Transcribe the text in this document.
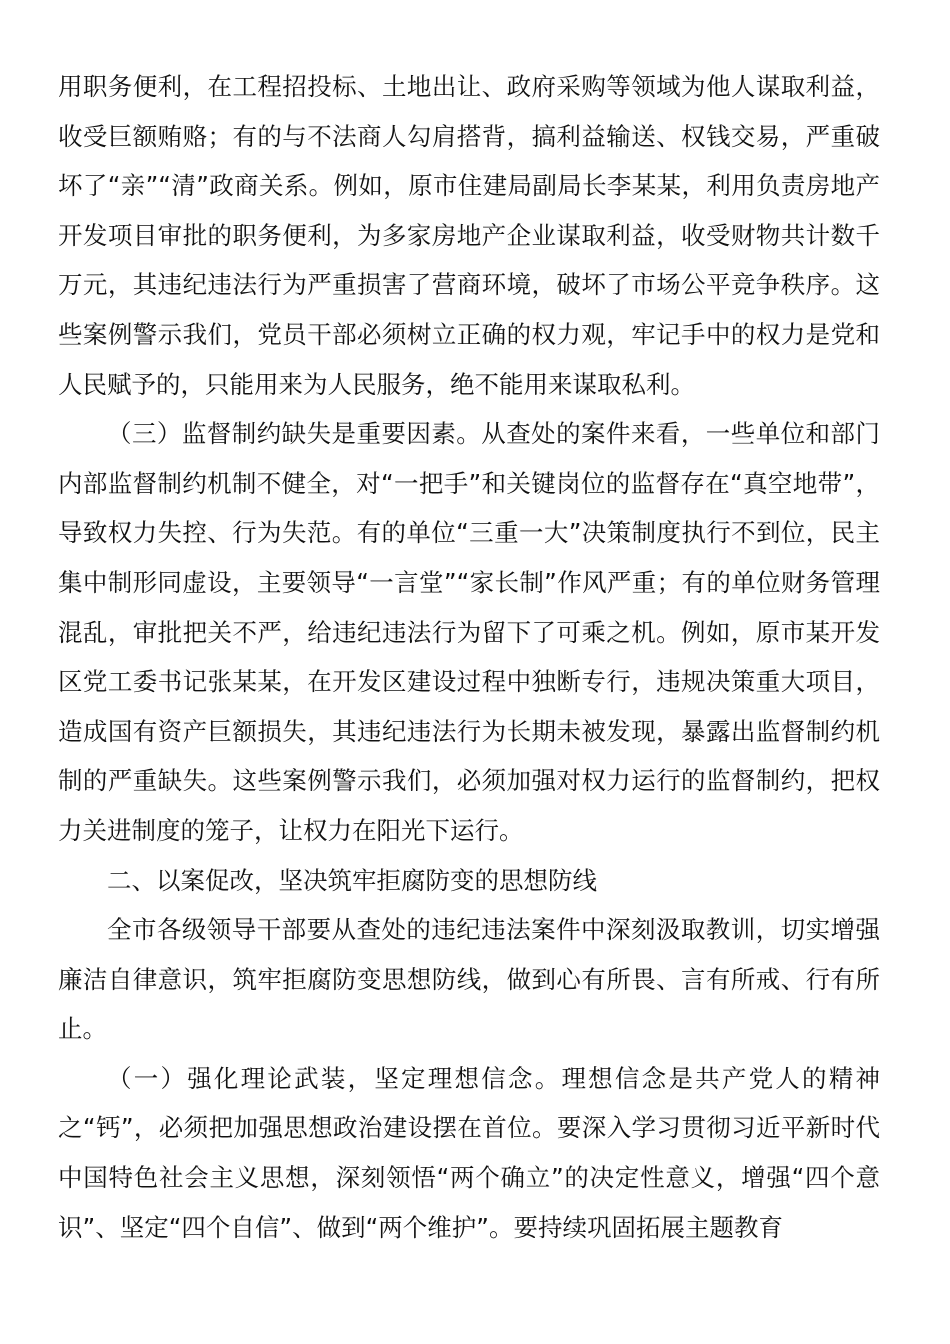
用职务便利，在工程招投标、土地出让、政府采购等领域为他人谋取利益，收受巨额贿赂；有的与不法商人勾肩搭背，搞利益输送、权钱交易，严重破坏了“亲”“清”政商关系。例如，原市住建局副局长李某某，利用负责房地产开发项目审批的职务便利，为多家房地产企业谋取利益，收受财物共计数千万元，其违纪违法行为严重损害了营商环境，破坏了市场公平竞争秩序。这些案例警示我们，党员干部必须树立正确的权力观，牢记手中的权力是党和人民赋予的，只能用来为人民服务，绝不能用来谋取私利。

（三）监督制约缺失是重要因素。从查处的案件来看，一些单位和部门内部监督制约机制不健全，对“一把手”和关键岗位的监督存在“真空地带”，导致权力失控、行为失范。有的单位“三重一大”决策制度执行不到位，民主集中制形同虚设，主要领导“一言堂”“家长制”作风严重；有的单位财务管理混乱，审批把关不严，给违纪违法行为留下了可乘之机。例如，原市某开发区党工委书记张某某，在开发区建设过程中独断专行，违规决策重大项目，造成国有资产巨额损失，其违纪违法行为长期未被发现，暴露出监督制约机制的严重缺失。这些案例警示我们，必须加强对权力运行的监督制约，把权力关进制度的笼子，让权力在阳光下运行。

二、以案促改，坚决筑牢拒腐防变的思想防线

全市各级领导干部要从查处的违纪违法案件中深刻汲取教训，切实增强廉洁自律意识，筑牢拒腐防变思想防线，做到心有所畏、言有所戒、行有所止。

（一）强化理论武装，坚定理想信念。理想信念是共产党人的精神之“钙”，必须把加强思想政治建设摆在首位。要深入学习贯彻习近平新时代中国特色社会主义思想，深刻领悟“两个确立”的决定性意义，增强“四个意识”、坚定“四个自信”、做到“两个维护”。要持续巩固拓展主题教育
